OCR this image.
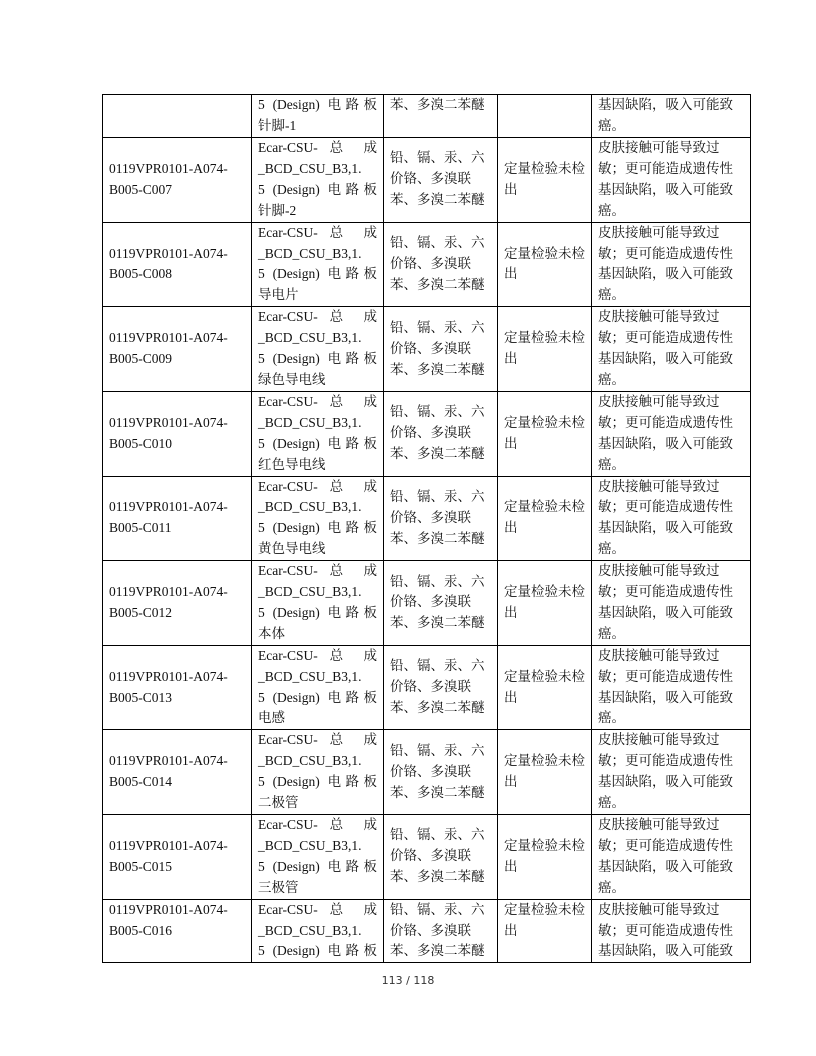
	5 (Design) 电路板
针脚-1	苯、多溴二苯醚		基因缺陷，吸入可能致癌。

0119VPR0101-A074-
B005-C007	Ecar-CSU- 总 成
_BCD_CSU_B3,1.
5 (Design) 电路板
针脚-2	铅、镉、汞、六价铬、多溴联苯、多溴二苯醚	定量检验未检出	皮肤接触可能导致过敏；更可能造成遗传性基因缺陷，吸入可能致癌。

0119VPR0101-A074-
B005-C008	Ecar-CSU- 总 成
_BCD_CSU_B3,1.
5 (Design) 电路板
导电片	铅、镉、汞、六价铬、多溴联苯、多溴二苯醚	定量检验未检出	皮肤接触可能导致过敏；更可能造成遗传性基因缺陷，吸入可能致癌。

0119VPR0101-A074-
B005-C009	Ecar-CSU- 总 成
_BCD_CSU_B3,1.
5 (Design) 电路板
绿色导电线	铅、镉、汞、六价铬、多溴联苯、多溴二苯醚	定量检验未检出	皮肤接触可能导致过敏；更可能造成遗传性基因缺陷，吸入可能致癌。

0119VPR0101-A074-
B005-C010	Ecar-CSU- 总 成
_BCD_CSU_B3,1.
5 (Design) 电路板
红色导电线	铅、镉、汞、六价铬、多溴联苯、多溴二苯醚	定量检验未检出	皮肤接触可能导致过敏；更可能造成遗传性基因缺陷，吸入可能致癌。

0119VPR0101-A074-
B005-C011	Ecar-CSU- 总 成
_BCD_CSU_B3,1.
5 (Design) 电路板
黄色导电线	铅、镉、汞、六价铬、多溴联苯、多溴二苯醚	定量检验未检出	皮肤接触可能导致过敏；更可能造成遗传性基因缺陷，吸入可能致癌。

0119VPR0101-A074-
B005-C012	Ecar-CSU- 总 成
_BCD_CSU_B3,1.
5 (Design) 电路板
本体	铅、镉、汞、六价铬、多溴联苯、多溴二苯醚	定量检验未检出	皮肤接触可能导致过敏；更可能造成遗传性基因缺陷，吸入可能致癌。

0119VPR0101-A074-
B005-C013	Ecar-CSU- 总 成
_BCD_CSU_B3,1.
5 (Design) 电路板
电感	铅、镉、汞、六价铬、多溴联苯、多溴二苯醚	定量检验未检出	皮肤接触可能导致过敏；更可能造成遗传性基因缺陷，吸入可能致癌。

0119VPR0101-A074-
B005-C014	Ecar-CSU- 总 成
_BCD_CSU_B3,1.
5 (Design) 电路板
二极管	铅、镉、汞、六价铬、多溴联苯、多溴二苯醚	定量检验未检出	皮肤接触可能导致过敏；更可能造成遗传性基因缺陷，吸入可能致癌。

0119VPR0101-A074-
B005-C015	Ecar-CSU- 总 成
_BCD_CSU_B3,1.
5 (Design) 电路板
三极管	铅、镉、汞、六价铬、多溴联苯、多溴二苯醚	定量检验未检出	皮肤接触可能导致过敏；更可能造成遗传性基因缺陷，吸入可能致癌。

0119VPR0101-A074-
B005-C016	Ecar-CSU- 总 成
_BCD_CSU_B3,1.
5 (Design) 电路板	铅、镉、汞、六价铬、多溴联苯、多溴二苯醚	定量检验未检出	皮肤接触可能导致过敏；更可能造成遗传性基因缺陷，吸入可能致
113 / 118
